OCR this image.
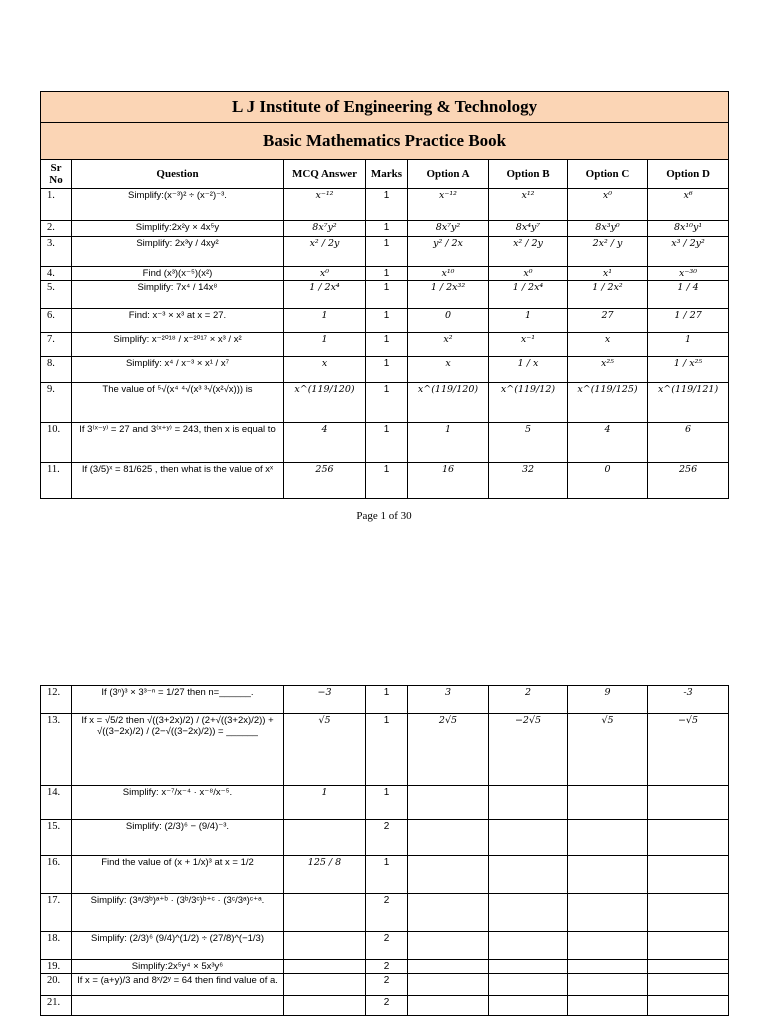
L J Institute of Engineering & Technology							
Basic Mathematics Practice Book							
Sr No	Question	MCQ Answer	Marks	Option A	Option B	Option C	Option D
1.	Simplify:(x⁻³)² ÷ (x⁻²)⁻³.	x⁻¹²	1	x⁻¹²	x¹²	x⁰	x⁶
2.	Simplify:2x²y × 4x⁵y	8x⁷y²	1	8x⁷y²	8x⁴y⁷	8x³y⁰	8x¹⁰y¹
3.	Simplify: 2x³y / 4xy²	x² / 2y	1	y² / 2x	x² / 2y	2x² / y	x³ / 2y²
4.	Find (x³)(x⁻⁵)(x²)	x⁰	1	x¹⁰	x⁰	x¹	x⁻³⁰
5.	Simplify: 7x⁴ / 14x⁸	1 / 2x⁴	1	1 / 2x³²	1 / 2x⁴	1 / 2x²	1 / 4
6.	Find: x⁻³ × x³ at x = 27.	1	1	0	1	27	1 / 27
7.	Simplify: x⁻²⁰¹⁸ / x⁻²⁰¹⁷ × x³ / x²	1	1	x²	x⁻¹	x	1
8.	Simplify: x⁴ / x⁻³ × x¹ / x⁷	x	1	x	1 / x	x²⁵	1 / x²⁵
9.	The value of ⁵√(x⁴ ⁴√(x³ ³√(x²√x))) is	x^(119/120)	1	x^(119/120)	x^(119/12)	x^(119/125)	x^(119/121)
10.	If 3⁽ˣ⁻ʸ⁾ = 27 and 3⁽ˣ⁺ʸ⁾ = 243, then x is equal to	4	1	1	5	4	6
11.	If (3/5)ˣ = 81/625 , then what is the value of xˣ	256	1	16	32	0	256
Page 1 of 30
12.	If (3ⁿ)³ × 3³⁻ⁿ = 1/27 then n=______.	−3	1	3	2	9	-3
13.	If x = √5/2 then √((3+2x)/2) / (2+√((3+2x)/2)) + √((3−2x)/2) / (2−√((3−2x)/2)) = ______	√5	1	2√5	−2√5	√5	−√5
14.	Simplify: x⁻⁷/x⁻⁴ · x⁻⁸/x⁻⁵.	1	1				
15.	Simplify: (2/3)⁶ − (9/4)⁻³.		2				
16.	Find the value of (x + 1/x)³ at x = 1/2	125 / 8	1				
17.	Simplify: (3ᵃ/3ᵇ)ᵃ⁺ᵇ · (3ᵇ/3ᶜ)ᵇ⁺ᶜ · (3ᶜ/3ᵃ)ᶜ⁺ᵃ.		2				
18.	Simplify: (2/3)⁶ (9/4)^(1/2) ÷ (27/8)^(−1/3)		2				
19.	Simplify:2x⁵y⁴ × 5x³y⁶		2				
20.	If x = (a+y)/3 and 8ˣ/2ʸ = 64 then find value of a.		2				
21.			2				
